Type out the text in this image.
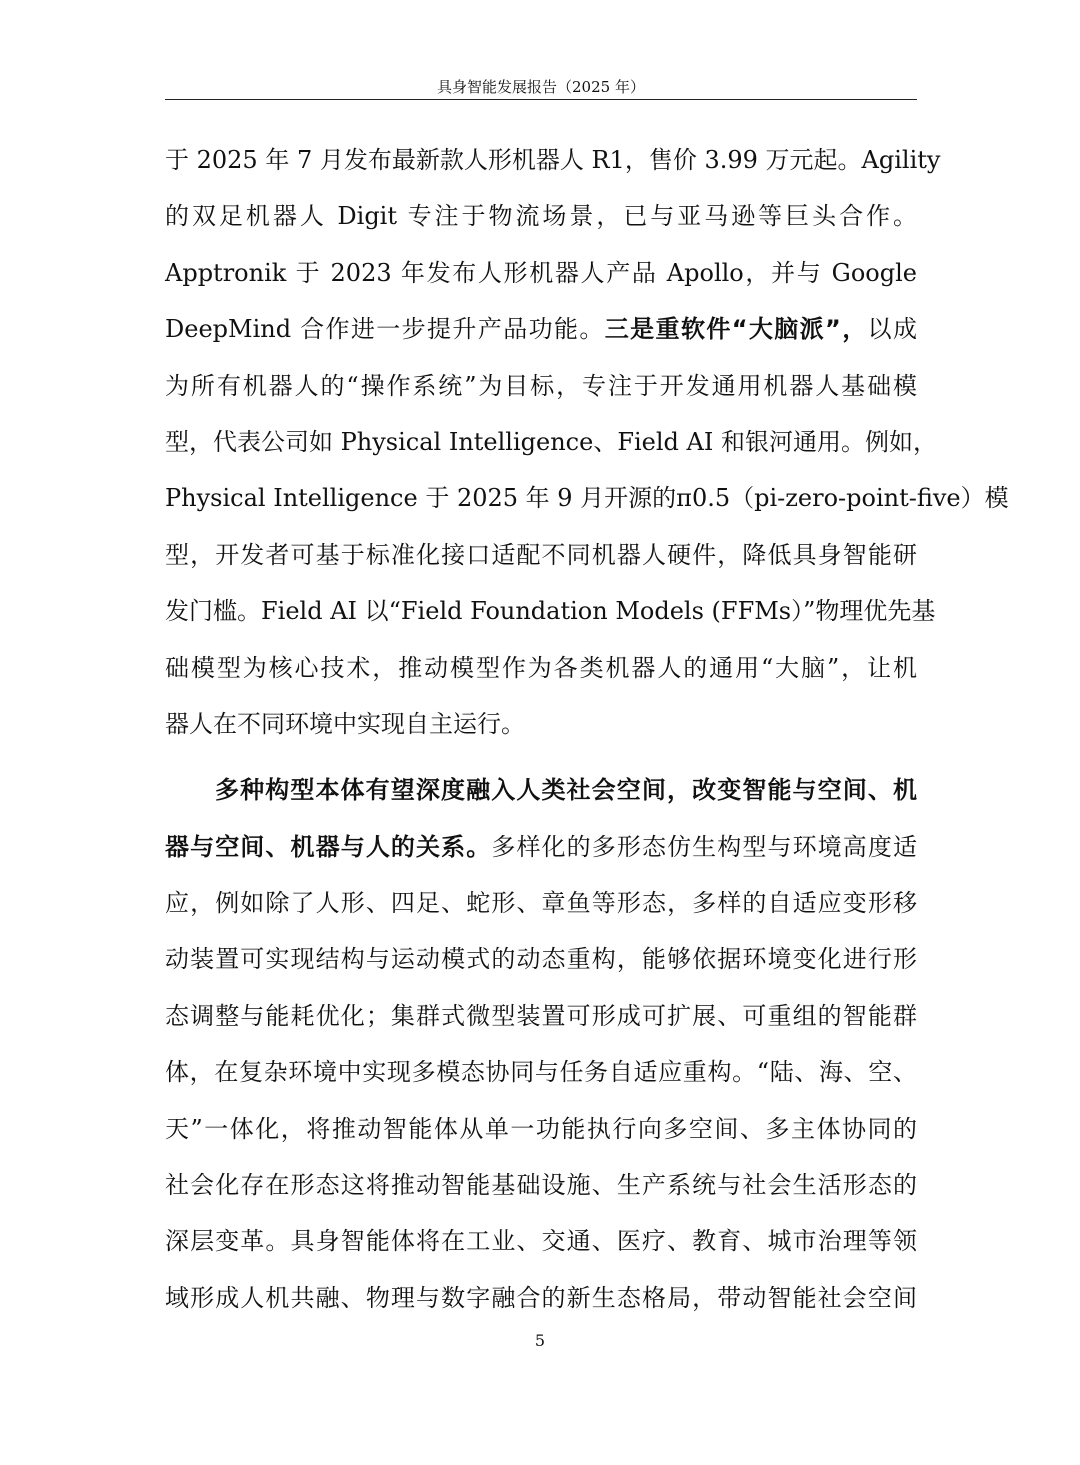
具身智能发展报告（2025 年）
于 2025 年 7 月发布最新款人形机器人 R1，售价 3.99 万元起。Agility
的双足机器人 Digit 专注于物流场景，已与亚马逊等巨头合作。
Apptronik 于 2023 年发布人形机器人产品 Apollo，并与 Google
DeepMind 合作进一步提升产品功能。三是重软件“大脑派”，以成
为所有机器人的“操作系统”为目标，专注于开发通用机器人基础模
型，代表公司如 Physical Intelligence、Field AI 和银河通用。例如，
Physical Intelligence 于 2025 年 9 月开源的π0.5（pi-zero-point-five）模
型，开发者可基于标准化接口适配不同机器人硬件，降低具身智能研
发门槛。Field AI 以“Field Foundation Models (FFMs）”物理优先基
础模型为核心技术，推动模型作为各类机器人的通用“大脑”，让机
器人在不同环境中实现自主运行。
多种构型本体有望深度融入人类社会空间，改变智能与空间、机
器与空间、机器与人的关系。多样化的多形态仿生构型与环境高度适
应，例如除了人形、四足、蛇形、章鱼等形态，多样的自适应变形移
动装置可实现结构与运动模式的动态重构，能够依据环境变化进行形
态调整与能耗优化；集群式微型装置可形成可扩展、可重组的智能群
体，在复杂环境中实现多模态协同与任务自适应重构。“陆、海、空、
天”一体化，将推动智能体从单一功能执行向多空间、多主体协同的
社会化存在形态这将推动智能基础设施、生产系统与社会生活形态的
深层变革。具身智能体将在工业、交通、医疗、教育、城市治理等领
域形成人机共融、物理与数字融合的新生态格局，带动智能社会空间
5
